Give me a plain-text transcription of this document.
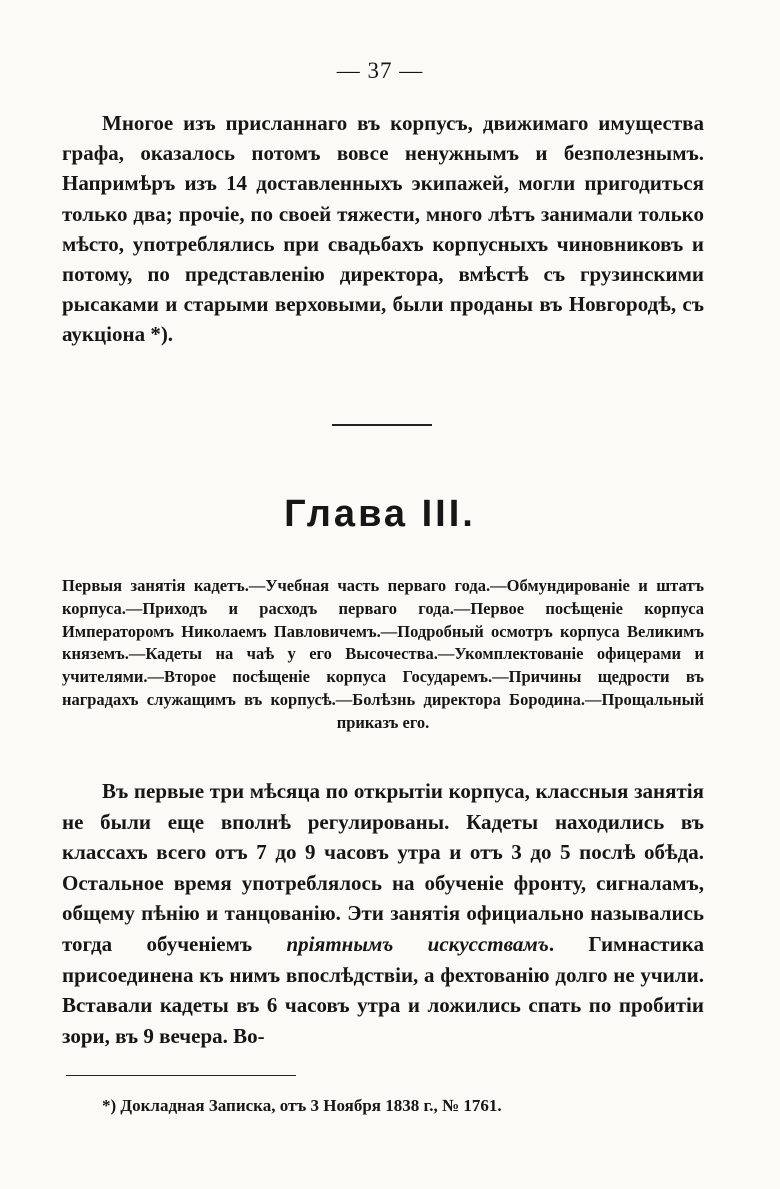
— 37 —
Многое изъ присланнаго въ корпусъ, движимаго имущества графа, оказалось потомъ вовсе ненужнымъ и безполезнымъ. Напримѣръ изъ 14 доставленныхъ экипажей, могли пригодиться только два; прочіе, по своей тяжести, много лѣтъ занимали только мѣсто, употреблялись при свадьбахъ корпусныхъ чиновниковъ и потому, по представленію директора, вмѣстѣ съ грузинскими рысаками и старыми верховыми, были проданы въ Новгородѣ, съ аукціона *).
Глава III.
Первыя занятія кадетъ.—Учебная часть перваго года.—Обмундированіе и штатъ корпуса.—Приходъ и расходъ перваго года.—Первое посѣщеніе корпуса Императоромъ Николаемъ Павловичемъ.—Подробный осмотръ корпуса Великимъ княземъ.—Кадеты на чаѣ у его Высочества.—Укомплектованіе офицерами и учителями.—Второе посѣщеніе корпуса Государемъ.—Причины щедрости въ наградахъ служащимъ въ корпусѣ.—Болѣзнь директора Бородина.—Прощальный приказъ его.
Въ первые три мѣсяца по открытіи корпуса, классныя занятія не были еще вполнѣ регулированы. Кадеты находились въ классахъ всего отъ 7 до 9 часовъ утра и отъ 3 до 5 послѣ обѣда. Остальное время употреблялось на обученіе фронту, сигналамъ, общему пѣнію и танцованію. Эти занятія официально назывались тогда обученіемъ пріятнымъ искусствамъ. Гимнастика присоединена къ нимъ впослѣдствіи, а фехтованію долго не учили. Вставали кадеты въ 6 часовъ утра и ложились спать по пробитіи зори, въ 9 вечера. Во-
*) Докладная Записка, отъ 3 Ноября 1838 г., № 1761.
